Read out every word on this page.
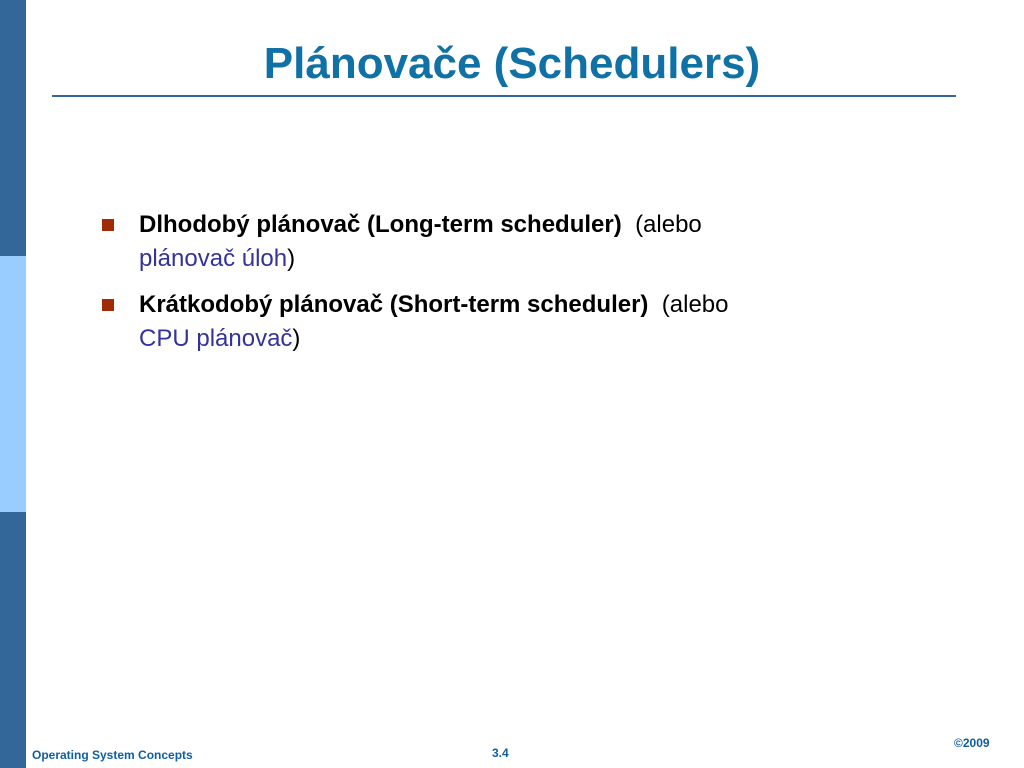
Plánovače (Schedulers)
Dlhodobý plánovač (Long-term scheduler) (alebo
plánovač úloh)
Krátkodobý plánovač (Short-term scheduler) (alebo
CPU plánovač)
Operating System Concepts	3.4
©2009
